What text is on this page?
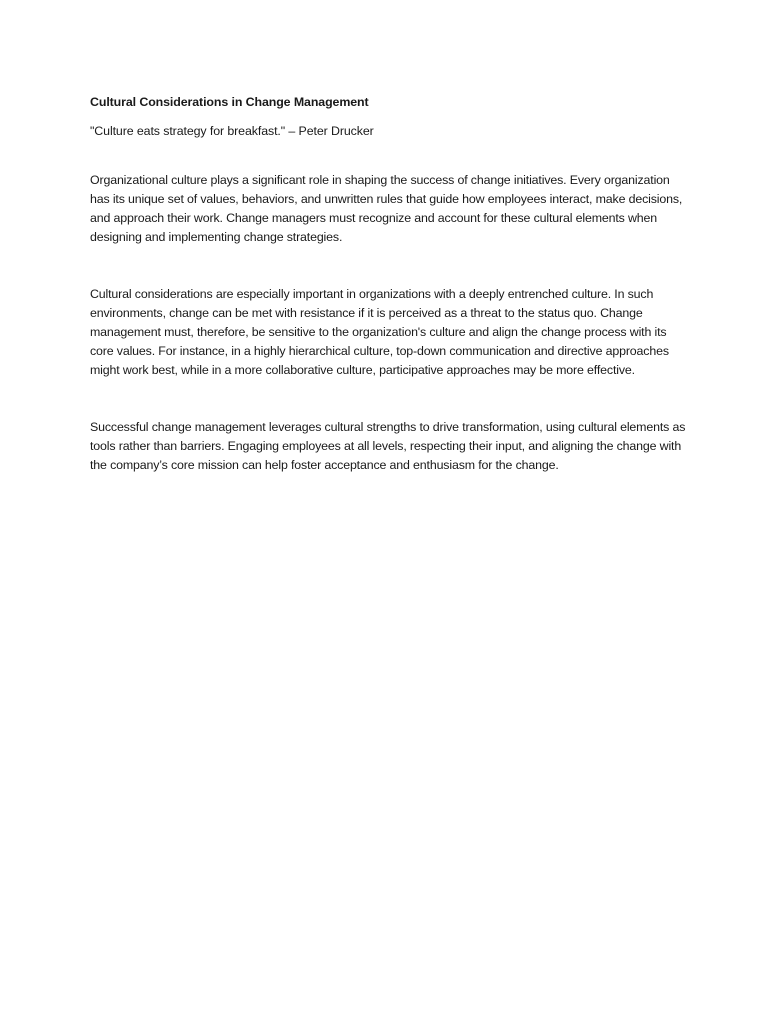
Cultural Considerations in Change Management

"Culture eats strategy for breakfast." – Peter Drucker

Organizational culture plays a significant role in shaping the success of change initiatives. Every organization has its unique set of values, behaviors, and unwritten rules that guide how employees interact, make decisions, and approach their work. Change managers must recognize and account for these cultural elements when designing and implementing change strategies.

Cultural considerations are especially important in organizations with a deeply entrenched culture. In such environments, change can be met with resistance if it is perceived as a threat to the status quo. Change management must, therefore, be sensitive to the organization's culture and align the change process with its core values. For instance, in a highly hierarchical culture, top-down communication and directive approaches might work best, while in a more collaborative culture, participative approaches may be more effective.

Successful change management leverages cultural strengths to drive transformation, using cultural elements as tools rather than barriers. Engaging employees at all levels, respecting their input, and aligning the change with the company’s core mission can help foster acceptance and enthusiasm for the change.
